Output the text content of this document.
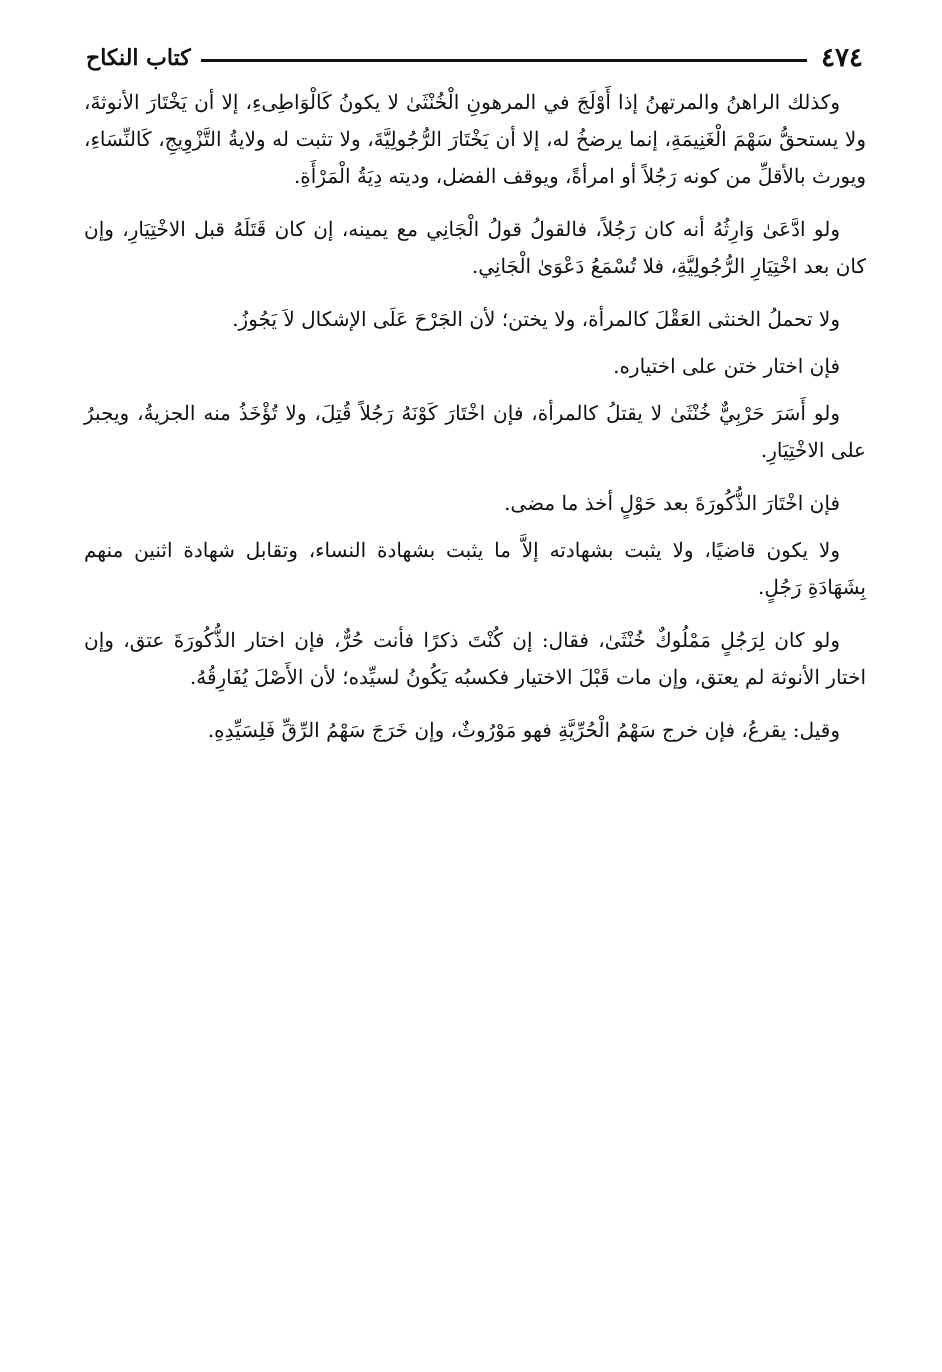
٤٧٤
كتاب النكاح

وكذلك الراهنُ والمرتهنُ إذا أَوْلَجَ في المرهونِ الْخُنْثَىٰ لا يكونُ كَالْوَاطِىءِ، إلا أن يَخْتَارَ الأنوثةَ، ولا يستحقُّ سَهْمَ الْغَنِيمَةِ، إنما يرضخُ له، إلا أن يَخْتَارَ الرُّجُولِيَّةَ، ولا تثبت له ولايةُ التَّزْوِيجِ، كَالنِّسَاءِ، ويورث بالأقلِّ من كونه رَجُلاً أو امرأةً، ويوقف الفضل، وديته دِيَةُ الْمَرْأَةِ.

ولو ادَّعَىٰ وَارِثُهُ أنه كان رَجُلاً، فالقولُ قولُ الْجَانِي مع يمينه، إن كان قَتَلَهُ قبل الاخْتِيَارِ، وإن كان بعد اخْتِيَارِ الرُّجُولِيَّةِ، فلا تُسْمَعُ دَعْوَىٰ الْجَانِي.

ولا تحملُ الخنثى العَقْلَ كالمرأة، ولا يختن؛ لأن الجَرْحَ عَلَى الإشكال لاَ يَجُوزُ.

فإن اختار ختن على اختياره.

ولو أَسَرَ حَرْبِيٌّ خُنْثَىٰ لا يقتلُ كالمرأة، فإن اخْتَارَ كَوْنَهُ رَجُلاً قُتِلَ، ولا تُؤْخَذُ منه الجزيةُ، ويجبرُ على الاخْتِيَارِ.

فإن اخْتَارَ الذُّكُورَةَ بعد حَوْلٍ أخذ ما مضى.

ولا يكون قاضيًا، ولا يثبت بشهادته إلاَّ ما يثبت بشهادة النساء، وتقابل شهادة اثنين منهم بِشَهَادَةِ رَجُلٍ.

ولو كان لِرَجُلٍ مَمْلُوكٌ خُنْثَىٰ، فقال: إن كُنْتَ ذكرًا فأنت حُرٌّ، فإن اختار الذُّكُورَةَ عتق، وإن اختار الأنوثة لم يعتق، وإن مات قَبْلَ الاختيار فكسبُه يَكُونُ لسيِّده؛ لأن الأَصْلَ يُفَارِقُهُ.

وقيل: يقرعُ، فإن خرج سَهْمُ الْحُرِّيَّةِ فهو مَوْرُوثٌ، وإن خَرَجَ سَهْمُ الرِّقِّ فَلِسَيِّدِهِ.
